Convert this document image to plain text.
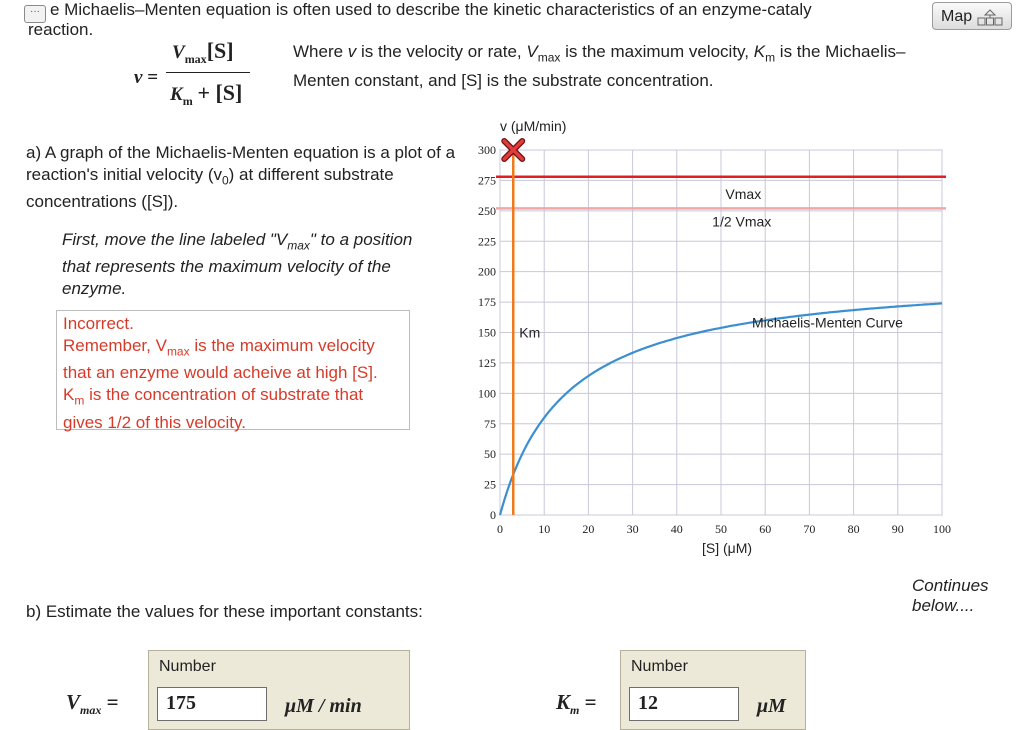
··· e Michaelis–Menten equation is often used to describe the kinetic characteristics of an enzyme-cataly
reaction.
Map
v =
$V_{max}[S]$
$K_m + [S]$
Where v is the velocity or rate, $V_{max}$ is the maximum velocity, $K_m$ is the Michaelis– Menten constant, and [S] is the substrate concentration.
a) A graph of the Michaelis-Menten equation is a plot of a reaction's initial velocity $(v_0)$ at different substrate concentrations ([S]).
First, move the line labeled "$V_{max}$" to a position that represents the maximum velocity of the enzyme.
Incorrect.
Remember, $V_{max}$ is the maximum velocity that an enzyme would acheive at high [S]. $K_m$ is the concentration of substrate that gives 1/2 of this velocity.
0	10	20	30	40	50	60	70	80	90 100
0
25
50
75
100
125
150
175
200
225
250
275
300
Michaelis-Menten Curve
1/2 Vmax
Vmax
Km
v (μM/min)
[S] (μM)
Continues below....
b) Estimate the values for these important constants:
$V_{max}$ =
Number
175	μM / min	$K_m$ =
Number
12	μM
